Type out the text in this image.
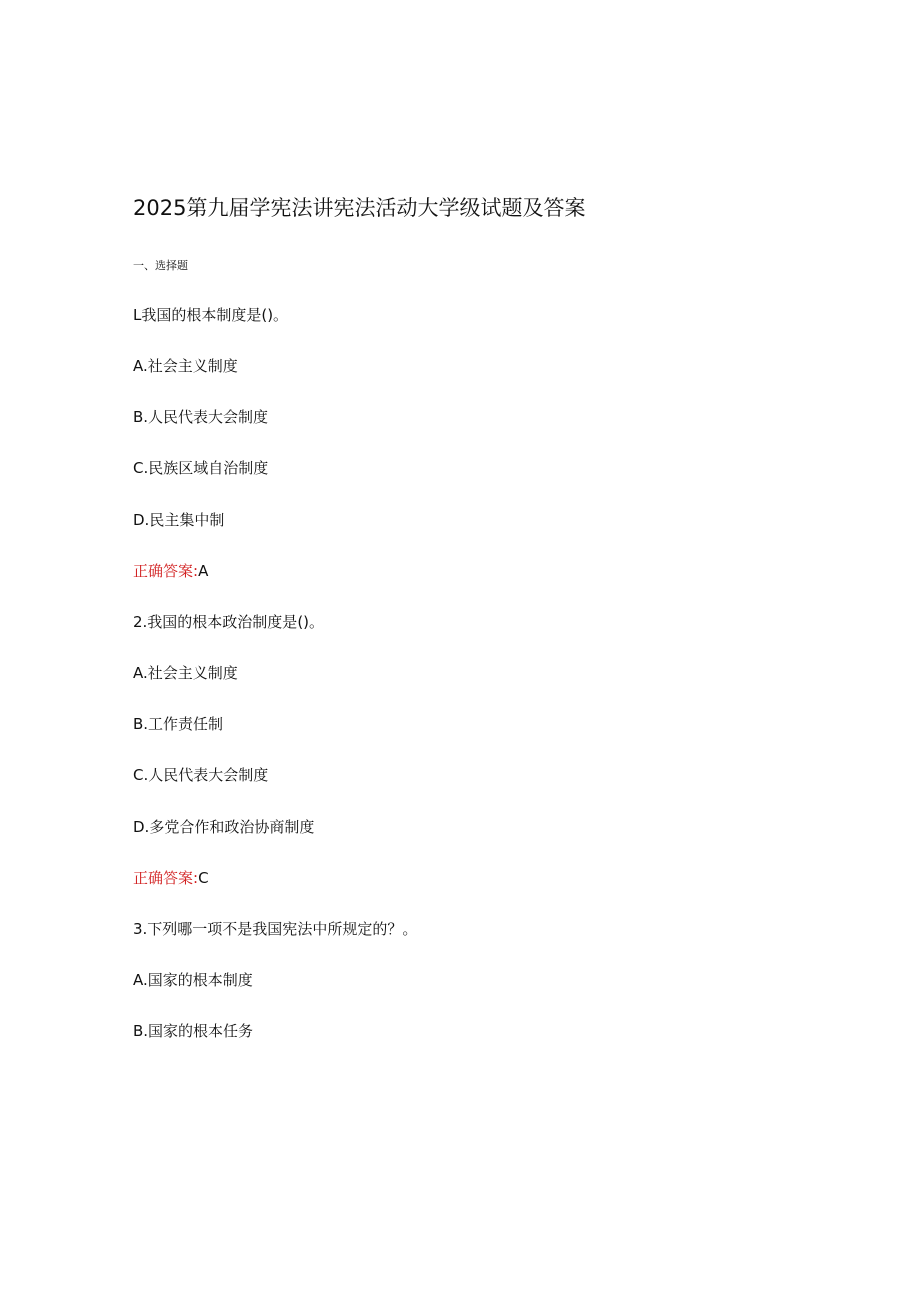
2025第九届学宪法讲宪法活动大学级试题及答案
一、选择题
L我国的根本制度是()。
A.社会主义制度
B.人民代表大会制度
C.民族区域自治制度
D.民主集中制
正确答案:A
2.我国的根本政治制度是()。
A.社会主义制度
B.工作责任制
C.人民代表大会制度
D.多党合作和政治协商制度
正确答案:C
3.下列哪一项不是我国宪法中所规定的？。
A.国家的根本制度
B.国家的根本任务
